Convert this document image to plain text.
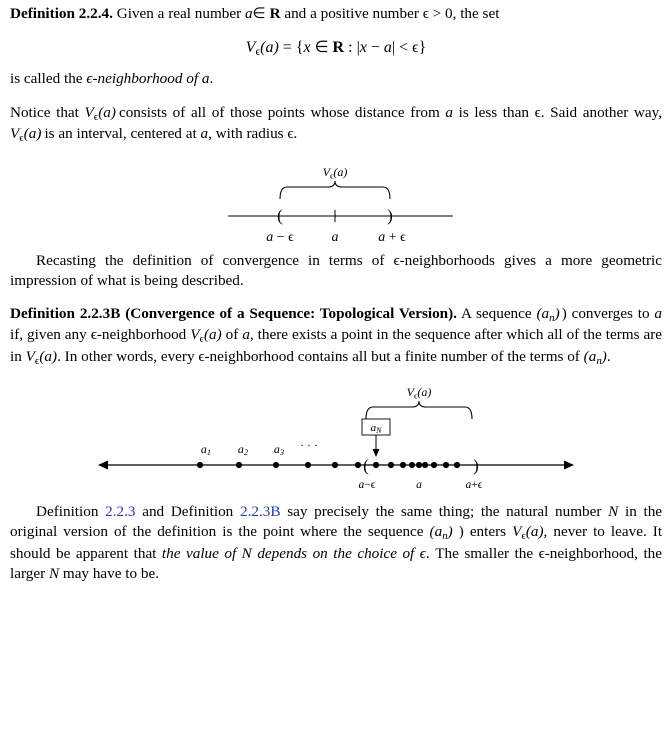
Definition 2.2.4. Given a real number a∈ R and a positive number ϵ > 0, the set

$V_\epsilon(a) = \{x$ ∈ R : |x − a| < ϵ}

is called the ϵ-neighborhood of a.

Notice that $V_\epsilon(a)$ consists of all of those points whose distance from a is less than ϵ. Said another way, $V_\epsilon(a)$ is an interval, centered at a, with radius ϵ.

$V_\epsilon(a)$
(	)
a − ϵ	a	a + ϵ

Recasting the definition of convergence in terms of ϵ-neighborhoods gives a more geometric impression of what is being described.

Definition 2.2.3B (Convergence of a Sequence: Topological Version). A sequence $(a_n)$ ) converges to a if, given any ϵ-neighborhood $V_\epsilon(a)$ of a, there exists a point in the sequence after which all of the terms are in $V_\epsilon(a)$. In other words, every ϵ-neighborhood contains all but a finite number of the terms of $(a_n)$.

$V_\epsilon(a)$
aN
a1 a2 a3 · · ·
(	)
a−ϵ	a	a+ϵ

Definition 2.2.3 and Definition 2.2.3B say precisely the same thing; the natural number N in the original version of the definition is the point where the sequence $(a_n)$ ) enters $V_\epsilon(a)$, never to leave. It should be apparent that the value of N depends on the choice of ϵ. The smaller the ϵ-neighborhood, the larger N may have to be.
